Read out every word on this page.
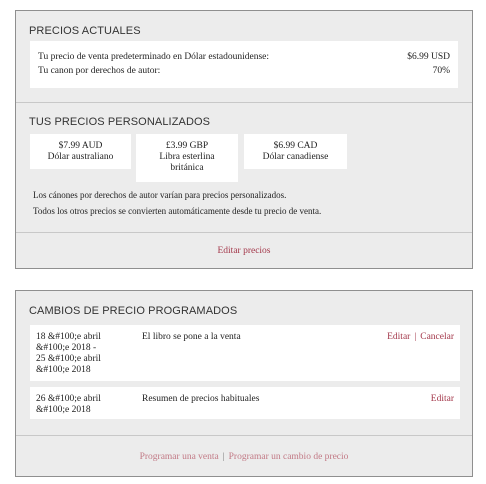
PRECIOS ACTUALES
Tu precio de venta predeterminado en Dólar estadounidense:	$6.99 USD
Tu canon por derechos de autor:	70%
TUS PRECIOS PERSONALIZADOS
$7.99 AUD
Dólar australiano
£3.99 GBP
Libra esterlina
británica
$6.99 CAD
Dólar canadiense
Los cánones por derechos de autor varían para precios personalizados.
Todos los otros precios se convierten automáticamente desde tu precio de venta.
Editar precios
CAMBIOS DE PRECIO PROGRAMADOS
18 &#100;e abril
&#100;e 2018 -
25 &#100;e abril
&#100;e 2018
El libro se pone a la venta	Editar | Cancelar
26 &#100;e abril
&#100;e 2018
Resumen de precios habituales	Editar
Programar una venta | Programar un cambio de precio
